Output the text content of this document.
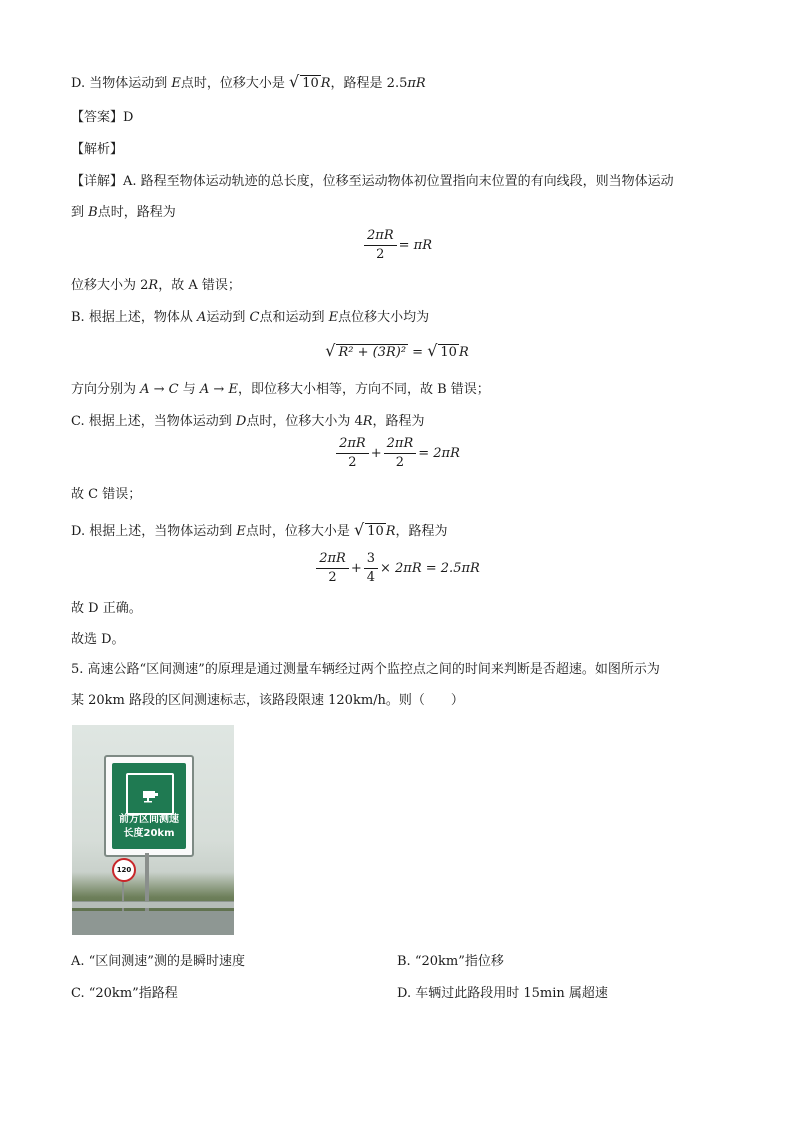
D. 当物体运动到 E点时，位移大小是 √ 10 R，路程是 2.5πR
【答案】D
【解析】
【详解】A. 路程至物体运动轨迹的总长度，位移至运动物体初位置指向末位置的有向线段，则当物体运动
到 B点时，路程为
$\frac{2\pi R}{2} = \pi R$
位移大小为 2R，故 A 错误；
B. 根据上述，物体从 A运动到 C点和运动到 E点位移大小均为
√ R² + (3R)² = √ 10 R
方向分别为 A → C 与 A → E，即位移大小相等，方向不同，故 B 错误；
C. 根据上述，当物体运动到 D点时，位移大小为 4R，路程为
$\frac{2\pi R}{2} + \frac{2\pi R}{2} = 2\pi R$
故 C 错误；
D. 根据上述，当物体运动到 E点时，位移大小是 √ 10 R，路程为
$\frac{2\pi R}{2} + \frac{3}{4} \times 2\pi R = 2.5\pi R$
故 D 正确。
故选 D。
5. 高速公路“区间测速”的原理是通过测量车辆经过两个监控点之间的时间来判断是否超速。如图所示为
某 20km 路段的区间测速标志，该路段限速 120km/h。则（　　）
前方区间测速
长度20km
120
A. “区间测速”测的是瞬时速度	B. “20km”指位移
C. “20km”指路程	D. 车辆过此路段用时 15min 属超速
